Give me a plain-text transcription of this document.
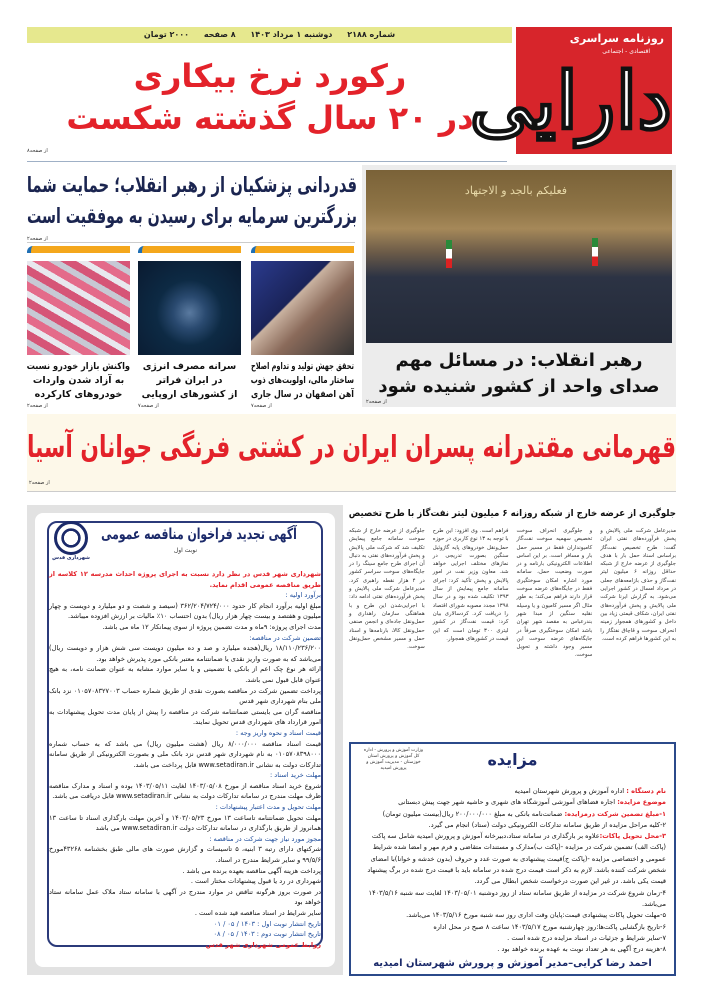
شماره ۲۱۸۸ دوشنبه ۱ مرداد ۱۴۰۳ ۸ صفحه ۲۰۰۰ تومان	روزنامه سراسری
اقتصادی - اجتماعی
دارایی
رکورد نرخ بیکاری
در ۲۰ سال گذشته شکست
از صفحه۸
قدردانی پزشکیان از رهبر انقلاب؛ حمایت شما
بزرگترین سرمایه برای رسیدن به موفقیت است
از صفحه۲
فعلیکم بالجد و الاجتهاد
رهبر انقلاب: در مسائل مهم
صدای واحد از کشور شنیده شود
از صفحه۲
تحقق جهش تولید و تداوم اصلاح
ساختار مالی، اولویت‌های ذوب
آهن اصفهان در سال جاری
از صفحه۷
سرانه مصرف انرژی
در ایران فراتر
از کشورهای اروپایی
از صفحه۷
واکنش بازار خودرو نسبت
به آزاد شدن واردات
خودروهای کارکرده
از صفحه۲
قهرمانی مقتدرانه پسران ایران در کشتی فرنگی جوانان آسیا
از صفحه۲
آگهی تجدید فراخوان مناقصه عمومی
نوبت اول
شهرداری قدس
شهرداری شهر قدس در نظر دارد نسبت به اجرای پروژه احداث مدرسه ۱۲ کلاسه از طریق مناقصه عمومی اقدام نماید.
برآورد اولیه :
مبلغ اولیه برآورد انجام کار حدود ۳۶۲/۲۰۴/۷۲۴/۰۰۰ (سیصد و شصت و دو میلیارد و دویست و چهار میلیون و هفتصد و بیست چهار هزار ریال) بدون احتساب ۱۰٪ مالیات بر ارزش افزوده میباشد.
مدت اجرای پروژه: ۹ماه و مدت تضمین پروژه از سوی پیمانکار ۱۲ ماه می باشد.
تضمین شرکت در مناقصه:
۱۸/۱۱۰/۲۳۶/۲۰۰ ریال(هجده میلیارد و صد و ده میلیون دویست سی شش هزار و دویست ریال) می‌باشد که به صورت واریز نقدی یا ضمانتنامه معتبر بانکی مورد پذیرش خواهد بود.
ارائه هر نوع چک اعم از بانکی یا تضمینی و یا سایر موارد مشابه به عنوان ضمانت نامه، به هیچ عنوان قابل قبول نمی باشد.
پرداخت تضمین شرکت در مناقصه بصورت نقدی از طریق شماره حساب ۰۱۰۵۷۰۸۳۲۷۰۰۳ نزد بانک ملی بنام شهرداری شهر قدس
مناقصه گران می بایستی ضمانتنامه شرکت در مناقصه را پیش از پایان مدت تحویل پیشنهادات به امور قرارداد های شهرداری قدس تحویل نمایند.
قیمت اسناد و نحوه واریز وجه :
قیمت اسناد مناقصه ۸/۰۰۰/۰۰۰ ریال (هشت میلیون ریال) می باشد که به حساب شماره ۰۱۰۵۷۰۸۳۹۸۰۰۰ به نام شهرداری شهر قدس نزد بانک ملی و بصورت الکترونیکی از طریق سامانه تدارکات دولت به نشانی www.setadiran.ir قابل پرداخت می باشد.
مهلت خرید اسناد :
شروع خرید اسناد مناقصه از مورخ ۱۴۰۳/۰۵/۰۸ لغایت ۱۴۰۳/۰۵/۱۱ بوده و اسناد و مدارک مناقصه ظرف مهلت مندرج در سامانه تدارکات دولت به نشانی www.setadiran.ir قابل دریافت می باشد.
مهلت تحویل و مدت اعتبار پیشنهادات :
مهلت تحویل ضمانتنامه تاساعت ۱۳ مورخ ۱۴۰۳/۰۵/۲۳ و آخرین مهلت بارگذاری اسناد تا ساعت ۱۳ همانروز از طریق بارگذاری در سامانه تدارکات دولت www.setadiran.ir می باشد
مجوز مورد نیاز جهت شرکت در مناقصه :
شرکتهای دارای رتبه ۳ ابنیه، ۵ تاسیسات و گزارش صورت های مالی طبق بخشنامه ۴۳۲۶۸مورخ ۹۹/۵/۶ و سایر شرایط مندرج در اسناد.
پرداخت هزینه آگهی مناقصه بعهده برنده می باشد .
شهرداری در رد یا قبول پیشنهادات مختار است .
در صورت بروز هرگونه تناقض در موارد مندرج در آگهی با سامانه ستاد ملاک عمل سامانه ستاد خواهد بود
سایر شرایط در اسناد مناقصه قید شده است .
تاریخ انتشار نوبت اول : ۱۴۰۳ / ۰۵ / ۰۱
تاریخ انتشار نوبت دوم : ۱۴۰۳ / ۰۵ / ۰۸
روابط عمومی شهرداری شهر قدس
جلوگیری از عرضه خارج از شبکه روزانه ۶ میلیون لیتر نفت‌گاز با طرح تخصیص
مدیرعامل شرکت ملی پالایش و پخش فرآورده‌های نفتی ایران گفت: طرح تخصیص نفت‌گاز براساس اسناد حمل بار با هدف جلوگیری از عرضه خارج از شبکه حداقل روزانه ۶ میلیون لیتر نفت‌گاز و حذف بازامعه‌های جعلی در مرداد امسال در کشور اجرایی می‌شود. به گزارش ایرنا شرکت ملی پالایش و پخش فرآورده‌های نفتی ایران، شکاف قیمتی زیاد بین داخل و کشورهای همجوار زمینه انحراف سوخت و قاچاق نفتگاز را به این کشورها فراهم کرده است.
و جلوگیری انحراف سوخت تخصیص سهمیه سوخت نفت‌گاز کامیونداران فقط در مسیر حمل بار و مسافر است. بر این اساس اطلاعات الکترونیکی بارنامه و در صورت وضعیت حمل، سامانه مورد اشاره امکان سوختگیری فقط در جایگاه‌های عرضه سوخت قرار دارند فراهم می‌کند؛ به طور مثال اگر مسیر کامیون و یا وسیله نقلیه سنگین از مبدا شهر بندرعباس به مقصد شهر تهران باشد امکان سوختگیری صرفاً در جایگاه‌های عرضه سوخت این مسیر وجود داشته و تحویل سوخت.
فراهم است. وی افزود: این طرح با توجه به ۱۳ نوع کاربری در حوزه حمل‌ونقل خودروهای پایه گازوئیل سنگین بصورت تدریجی در نمازهای مختلف اجرایی خواهد شد. معاون وزیر نفت در امور پالایش و پخش تأکید کرد: اجرای سامانه جامع پیمایش از سال ۱۳۹۳ تکلیف شده بود و در سال ۱۳۹۸ مجدد مصوبه شورای اقتصاد را دریافت کرد. کردسالاری بیان کرد: قیمت نفت‌گاز در کشور لیتری ۳۰۰ تومان است که این قیمت در کشورهای همجوار.
جلوگیری از عرضه خارج از شبکه سوخت سامانه جامع پیمایش تکلیف شد که شرکت ملی پالایش و پخش فرآورده‌های نفتی به دنبال آن اجرای طرح جامع سینگ را در جایگاه‌های سوخت سراسر کشور در ۴ هزار نقطه راهبری کرد. مدیرعامل شرکت ملی پالایش و پخش فرآورده‌های نفتی ادامه داد: با اجرایی‌شدن این طرح و با هماهنگی سازمان راهداری و حمل‌ونقل جاده‌ای و انجمن صنفی حمل‌ونقل کالا، بارنامه‌ها و اسناد حمل و مسیر مشخص حمل‌ونقل سوخت.
مزایده
وزارت آموزش و پرورش - اداره کل آموزش و پرورش استان خوزستان - مدیریت آموزش و پرورش امیدیه

نام دستگاه : اداره آموزش و پرورش شهرستان امیدیه

موضوع مزایده: اجاره فضاهای آموزشی آموزشگاه های شهری و حاشیه شهر جهت پیش دبستانی

۱-مبلغ تضمین شرکت درمزایده: ضمانت‌نامه بانکی به مبلغ ۲۰۰/۰۰۰/۰۰۰ ریال(بیست میلیون تومان)

۲-کلیه مراحل مزایده از طریق سامانه تدارکات الکترونیکی دولت (ستاد) انجام می گیرد.

۳-محل تحویل پاکات:علاوه بر بارگذاری در سامانه ستاد،دبیرخانه آموزش و پرورش امیدیه شامل سه پاکت (پاکت الف) تضمین شرکت در مزایده -(پاکت ب)مدارک و مستندات متقاضی و فرم مهر و امضا شده شرایط عمومی و اختصاصی مزایده -(پاکت ج)قیمت پیشنهادی به صورت عدد و حروف (بدون خدشه و خوانا)با امضای شخص شرکت کننده باشد. لازم به ذکر است قیمت درج شده در سامانه باید با قیمت درج شده در برگ پیشنهاد قیمت یکی باشد. در غیر این صورت درخواست شخص ابطال می گردد.

۴-زمان شروع شرکت در مزایده از طریق سامانه ستاد از روز دوشنبه ۱۴۰۳/۰۵/۰۱ لغایت سه شنبه ۱۴۰۳/۵/۱۶ می‌باشد.

۵-مهلت تحویل پاکات پیشنهادی قیمت:پایان وقت اداری روز سه شنبه مورخ ۱۴۰۳/۵/۱۶ می‌باشد.

۶-تاریخ بازگشایی پاکت‌ها:روز چهارشنبه مورخ ۱۴۰۳/۵/۱۷ ساعت ۸ صبح در محل اداره

۷-سایر شرایط و جزئیات در اسناد مزایده درج شده است .

۸-هزینه درج آگهی به هر تعداد نوبت به عهده برنده خواهد بود .

احمد رضا کرایی–مدیر آموزش و پرورش شهرستان امیدیه
